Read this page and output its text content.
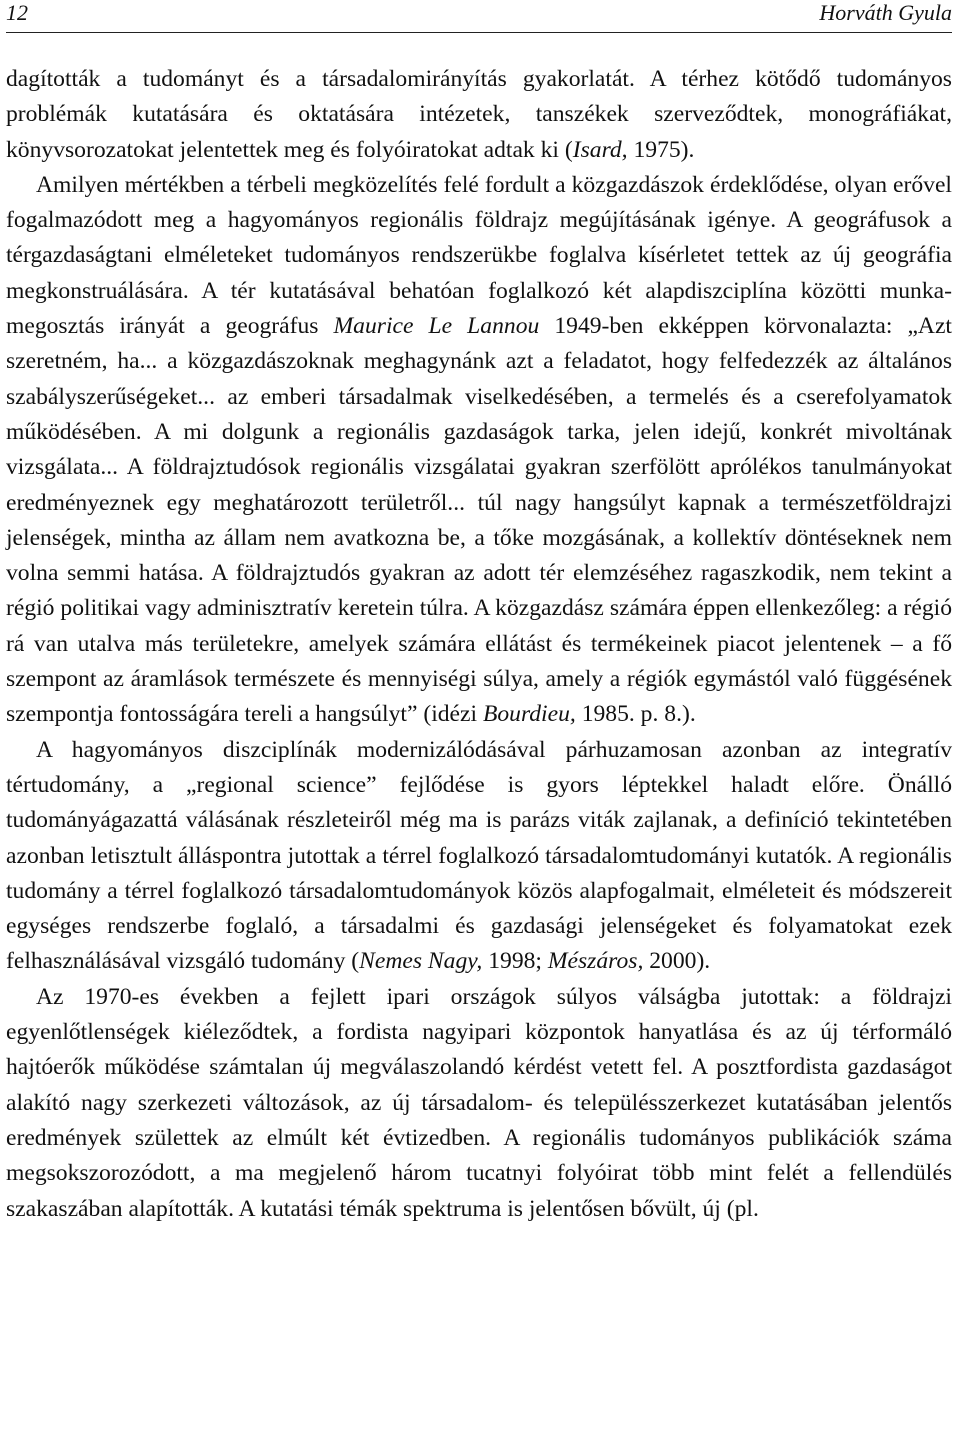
12	Horváth Gyula

dagították a tudományt és a társadalomirányítás gyakorlatát. A térhez kötődő tudományos problémák kutatására és oktatására intézetek, tanszékek szerveződtek, monográfiákat, könyvsorozatokat jelentettek meg és folyóiratokat adtak ki (Isard, 1975).

Amilyen mértékben a térbeli megközelítés felé fordult a közgazdászok érdeklődése, olyan erővel fogalmazódott meg a hagyományos regionális földrajz megújításának igénye. A geográfusok a térgazdaságtani elméleteket tudományos rendszerükbe foglalva kísérletet tettek az új geográfia megkonstruálására. A tér kutatásával behatóan foglalkozó két alapdiszciplína közötti munkamegosztás irányát a geográfus Maurice Le Lannou 1949-ben ekképpen körvonalazta: „Azt szeretném, ha... a közgazdászoknak meghagynánk azt a feladatot, hogy felfedezzék az általános szabályszerűségeket... az emberi társadalmak viselkedésében, a termelés és a cserefolyamatok működésében. A mi dolgunk a regionális gazdaságok tarka, jelen idejű, konkrét mivoltának vizsgálata... A földrajztudósok regionális vizsgálatai gyakran szerfölött aprólékos tanulmányokat eredményeznek egy meghatározott területről... túl nagy hangsúlyt kapnak a természetföldrajzi jelenségek, mintha az állam nem avatkozna be, a tőke mozgásának, a kollektív döntéseknek nem volna semmi hatása. A földrajztudós gyakran az adott tér elemzéséhez ragaszkodik, nem tekint a régió politikai vagy adminisztratív keretein túlra. A közgazdász számára éppen ellenkezőleg: a régió rá van utalva más területekre, amelyek számára ellátást és termékeinek piacot jelentenek – a fő szempont az áramlások természete és mennyiségi súlya, amely a régiók egymástól való függésének szempontja fontosságára tereli a hangsúlyt” (idézi Bourdieu, 1985. p. 8.).

A hagyományos diszciplínák modernizálódásával párhuzamosan azonban az integratív tértudomány, a „regional science” fejlődése is gyors léptekkel haladt előre. Önálló tudományágazattá válásának részleteiről még ma is parázs viták zajlanak, a definíció tekintetében azonban letisztult álláspontra jutottak a térrel foglalkozó társadalomtudományi kutatók. A regionális tudomány a térrel foglalkozó társadalomtudományok közös alapfogalmait, elméleteit és módszereit egységes rendszerbe foglaló, a társadalmi és gazdasági jelenségeket és folyamatokat ezek felhasználásával vizsgáló tudomány (Nemes Nagy, 1998; Mészáros, 2000).

Az 1970-es években a fejlett ipari országok súlyos válságba jutottak: a földrajzi egyenlőtlenségek kiéleződtek, a fordista nagyipari központok hanyatlása és az új térformáló hajtóerők működése számtalan új megválaszolandó kérdést vetett fel. A posztfordista gazdaságot alakító nagy szerkezeti változások, az új társadalom- és településszerkezet kutatásában jelentős eredmények születtek az elmúlt két évtizedben. A regionális tudományos publikációk száma megsokszorozódott, a ma megjelenő három tucatnyi folyóirat több mint felét a fellendülés szakaszában alapították. A kutatási témák spektruma is jelentősen bővült, új (pl.
